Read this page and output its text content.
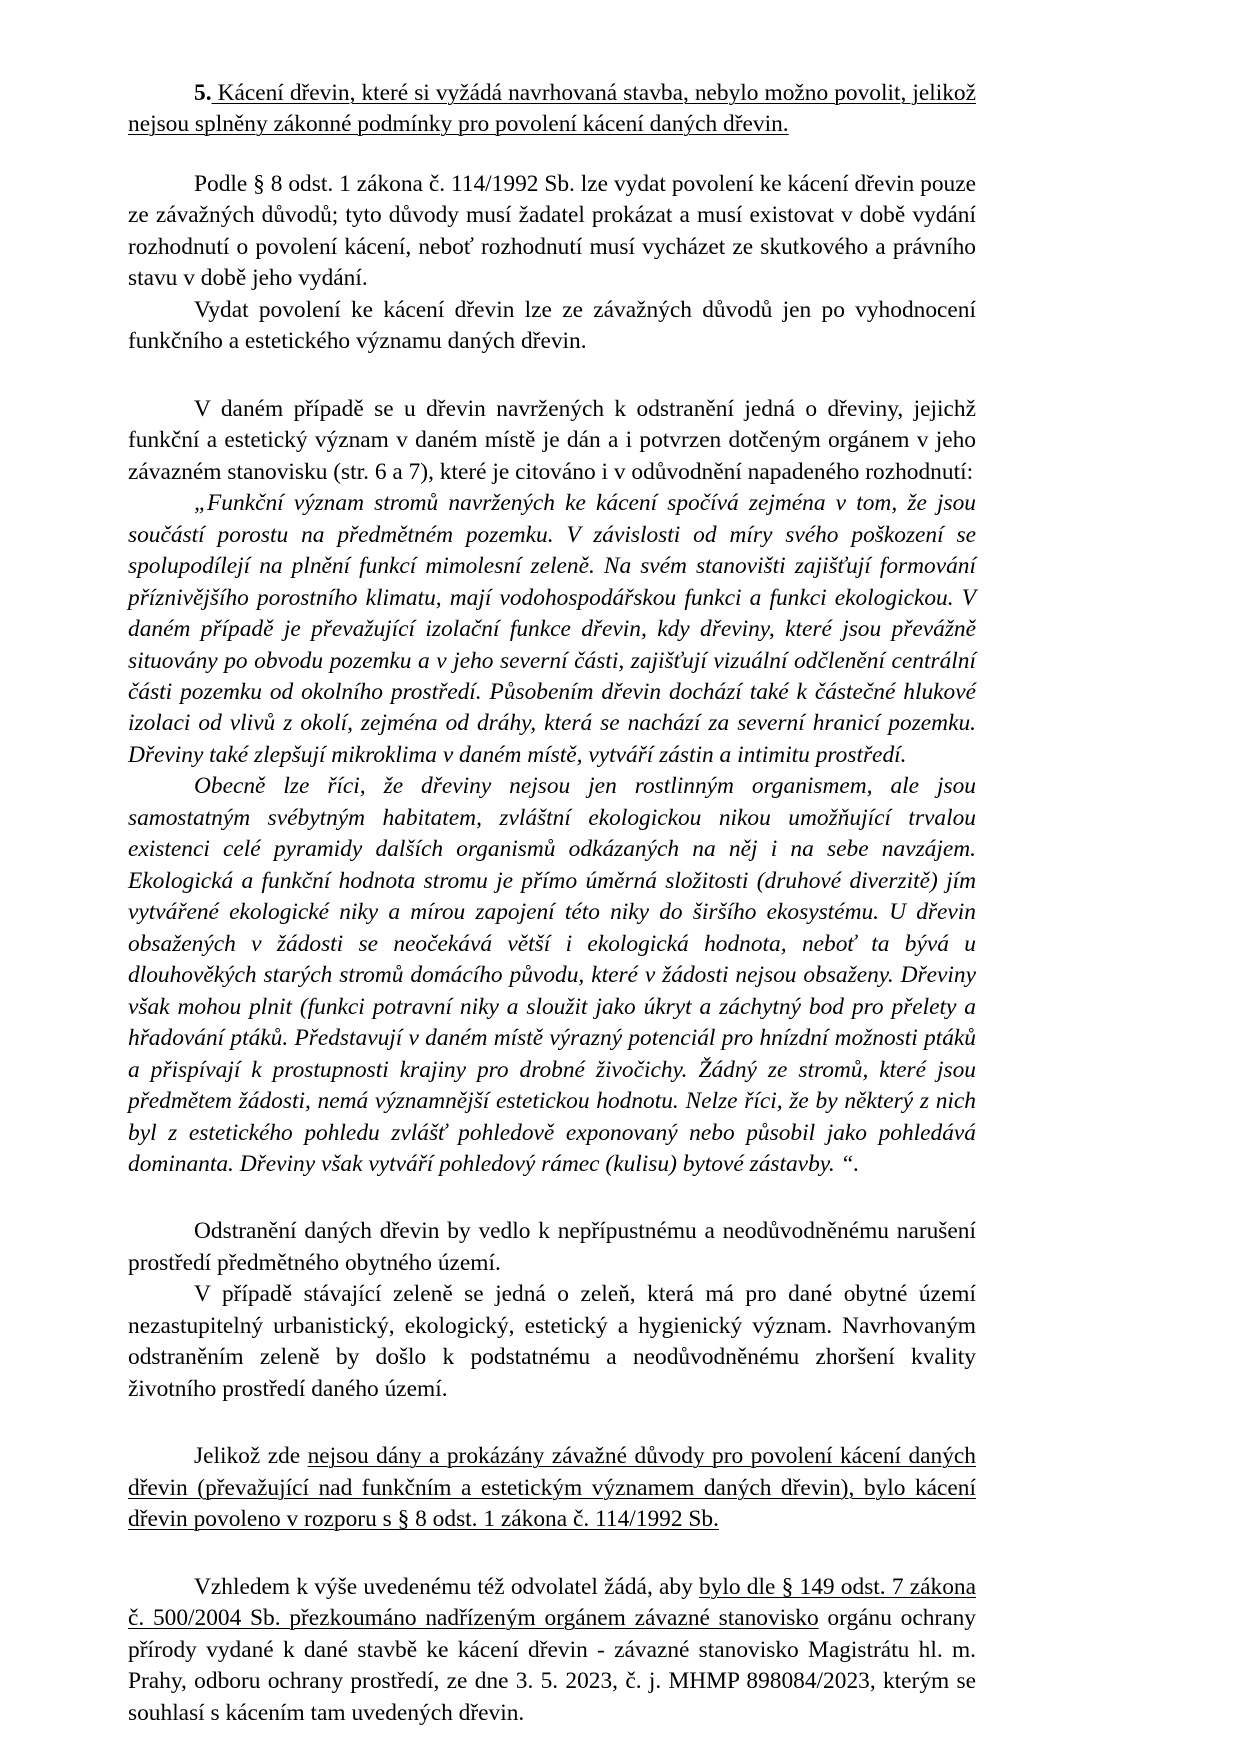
5. Kácení dřevin, které si vyžádá navrhovaná stavba, nebylo možno povolit, jelikož nejsou splněny zákonné podmínky pro povolení kácení daných dřevin.

Podle § 8 odst. 1 zákona č. 114/1992 Sb. lze vydat povolení ke kácení dřevin pouze ze závažných důvodů; tyto důvody musí žadatel prokázat a musí existovat v době vydání rozhodnutí o povolení kácení, neboť rozhodnutí musí vycházet ze skutkového a právního stavu v době jeho vydání.

Vydat povolení ke kácení dřevin lze ze závažných důvodů jen po vyhodnocení funkčního a estetického významu daných dřevin.

V daném případě se u dřevin navržených k odstranění jedná o dřeviny, jejichž funkční a estetický význam v daném místě je dán a i potvrzen dotčeným orgánem v jeho závazném stanovisku (str. 6 a 7), které je citováno i v odůvodnění napadeného rozhodnutí:

„Funkční význam stromů navržených ke kácení spočívá zejména v tom, že jsou součástí porostu na předmětném pozemku. V závislosti od míry svého poškození se spolupodílejí na plnění funkcí mimolesní zeleně. Na svém stanovišti zajišťují formování příznivějšího porostního klimatu, mají vodohospodářskou funkci a funkci ekologickou. V daném případě je převažující izolační funkce dřevin, kdy dřeviny, které jsou převážně situovány po obvodu pozemku a v jeho severní části, zajišťují vizuální odčlenění centrální části pozemku od okolního prostředí. Působením dřevin dochází také k částečné hlukové izolaci od vlivů z okolí, zejména od dráhy, která se nachází za severní hranicí pozemku. Dřeviny také zlepšují mikroklima v daném místě, vytváří zástin a intimitu prostředí.

Obecně lze říci, že dřeviny nejsou jen rostlinným organismem, ale jsou samostatným svébytným habitatem, zvláštní ekologickou nikou umožňující trvalou existenci celé pyramidy dalších organismů odkázaných na něj i na sebe navzájem. Ekologická a funkční hodnota stromu je přímo úměrná složitosti (druhové diverzitě) jím vytvářené ekologické niky a mírou zapojení této niky do širšího ekosystému. U dřevin obsažených v žádosti se neočekává větší i ekologická hodnota, neboť ta bývá u dlouhověkých starých stromů domácího původu, které v žádosti nejsou obsaženy. Dřeviny však mohou plnit (funkci potravní niky a sloužit jako úkryt a záchytný bod pro přelety a hřadování ptáků. Představují v daném místě výrazný potenciál pro hnízdní možnosti ptáků a přispívají k prostupnosti krajiny pro drobné živočichy. Žádný ze stromů, které jsou předmětem žádosti, nemá významnější estetickou hodnotu. Nelze říci, že by některý z nich byl z estetického pohledu zvlášť pohledově exponovaný nebo působil jako pohledává dominanta. Dřeviny však vytváří pohledový rámec (kulisu) bytové zástavby. “.

Odstranění daných dřevin by vedlo k nepřípustnému a neodůvodněnému narušení prostředí předmětného obytného území.

V případě stávající zeleně se jedná o zeleň, která má pro dané obytné území nezastupitelný urbanistický, ekologický, estetický a hygienický význam. Navrhovaným odstraněním zeleně by došlo k podstatnému a neodůvodněnému zhoršení kvality životního prostředí daného území.

Jelikož zde nejsou dány a prokázány závažné důvody pro povolení kácení daných dřevin (převažující nad funkčním a estetickým významem daných dřevin), bylo kácení dřevin povoleno v rozporu s § 8 odst. 1 zákona č. 114/1992 Sb.

Vzhledem k výše uvedenému též odvolatel žádá, aby bylo dle § 149 odst. 7 zákona č. 500/2004 Sb. přezkoumáno nadřízeným orgánem závazné stanovisko orgánu ochrany přírody vydané k dané stavbě ke kácení dřevin - závazné stanovisko Magistrátu hl. m. Prahy, odboru ochrany prostředí, ze dne 3. 5. 2023, č. j. MHMP 898084/2023, kterým se souhlasí s kácením tam uvedených dřevin.
